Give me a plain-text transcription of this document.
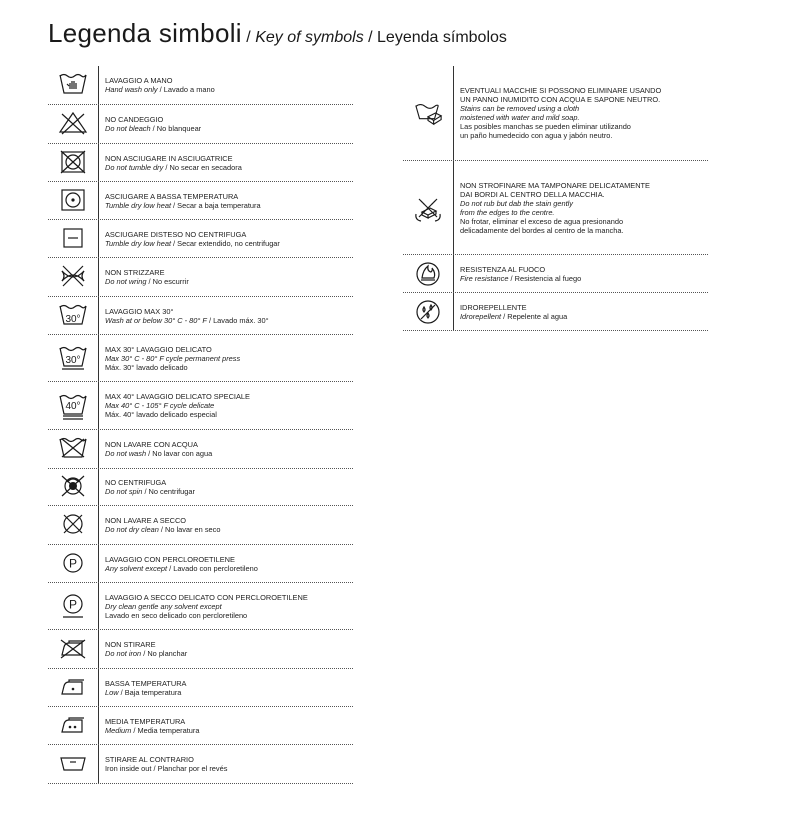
Legenda simboli / Key of symbols / Leyenda símbolos
LAVAGGIO A MANO
Hand wash only / Lavado a mano
NO CANDEGGIO
Do not bleach / No blanquear
NON ASCIUGARE IN ASCIUGATRICE
Do not tumble dry / No secar en secadora
ASCIUGARE A BASSA TEMPERATURA
Tumble dry low heat / Secar a baja temperatura
ASCIUGARE DISTESO NO CENTRIFUGA
Tumble dry low heat / Secar extendido, no centrifugar
NON STRIZZARE
Do not wring / No escurrir
30°
LAVAGGIO MAX 30°
Wash at or below 30° C - 80° F / Lavado máx. 30°
30°
MAX 30° LAVAGGIO DELICATO
Max 30° C - 80° F cycle permanent press
Máx. 30° lavado delicado
40°
MAX 40° LAVAGGIO DELICATO SPECIALE
Max 40° C - 105° F cycle delicate
Máx. 40° lavado delicado especial
NON LAVARE CON ACQUA
Do not wash / No lavar con agua
NO CENTRIFUGA
Do not spin / No centrifugar
NON LAVARE A SECCO
Do not dry clean / No lavar en seco
P	LAVAGGIO CON PERCLOROETILENE
Any solvent except / Lavado con percloretileno
P
LAVAGGIO A SECCO DELICATO CON PERCLOROETILENE
Dry clean gentle any solvent except
Lavado en seco delicado con percloretileno
NON STIRARE
Do not iron / No planchar
BASSA TEMPERATURA
Low / Baja temperatura
MEDIA TEMPERATURA
Medium / Media temperatura
STIRARE AL CONTRARIO
Iron inside out / Planchar por el revés
EVENTUALI MACCHIE SI POSSONO ELIMINARE USANDO
UN PANNO INUMIDITO CON ACQUA E SAPONE NEUTRO.
Stains can be removed using a cloth
moistened with water and mild soap.
Las posibles manchas se pueden eliminar utilizando
un paño humedecido con agua y jabón neutro.
NON STROFINARE MA TAMPONARE DELICATAMENTE
DAI BORDI AL CENTRO DELLA MACCHIA.
Do not rub but dab the stain gently
from the edges to the centre.
No frotar, eliminar el exceso de agua presionando
delicadamente del bordes al centro de la mancha.
RESISTENZA AL FUOCO
Fire resistance / Resistencia al fuego
IDROREPELLENTE
Idrorepellent / Repelente al agua
